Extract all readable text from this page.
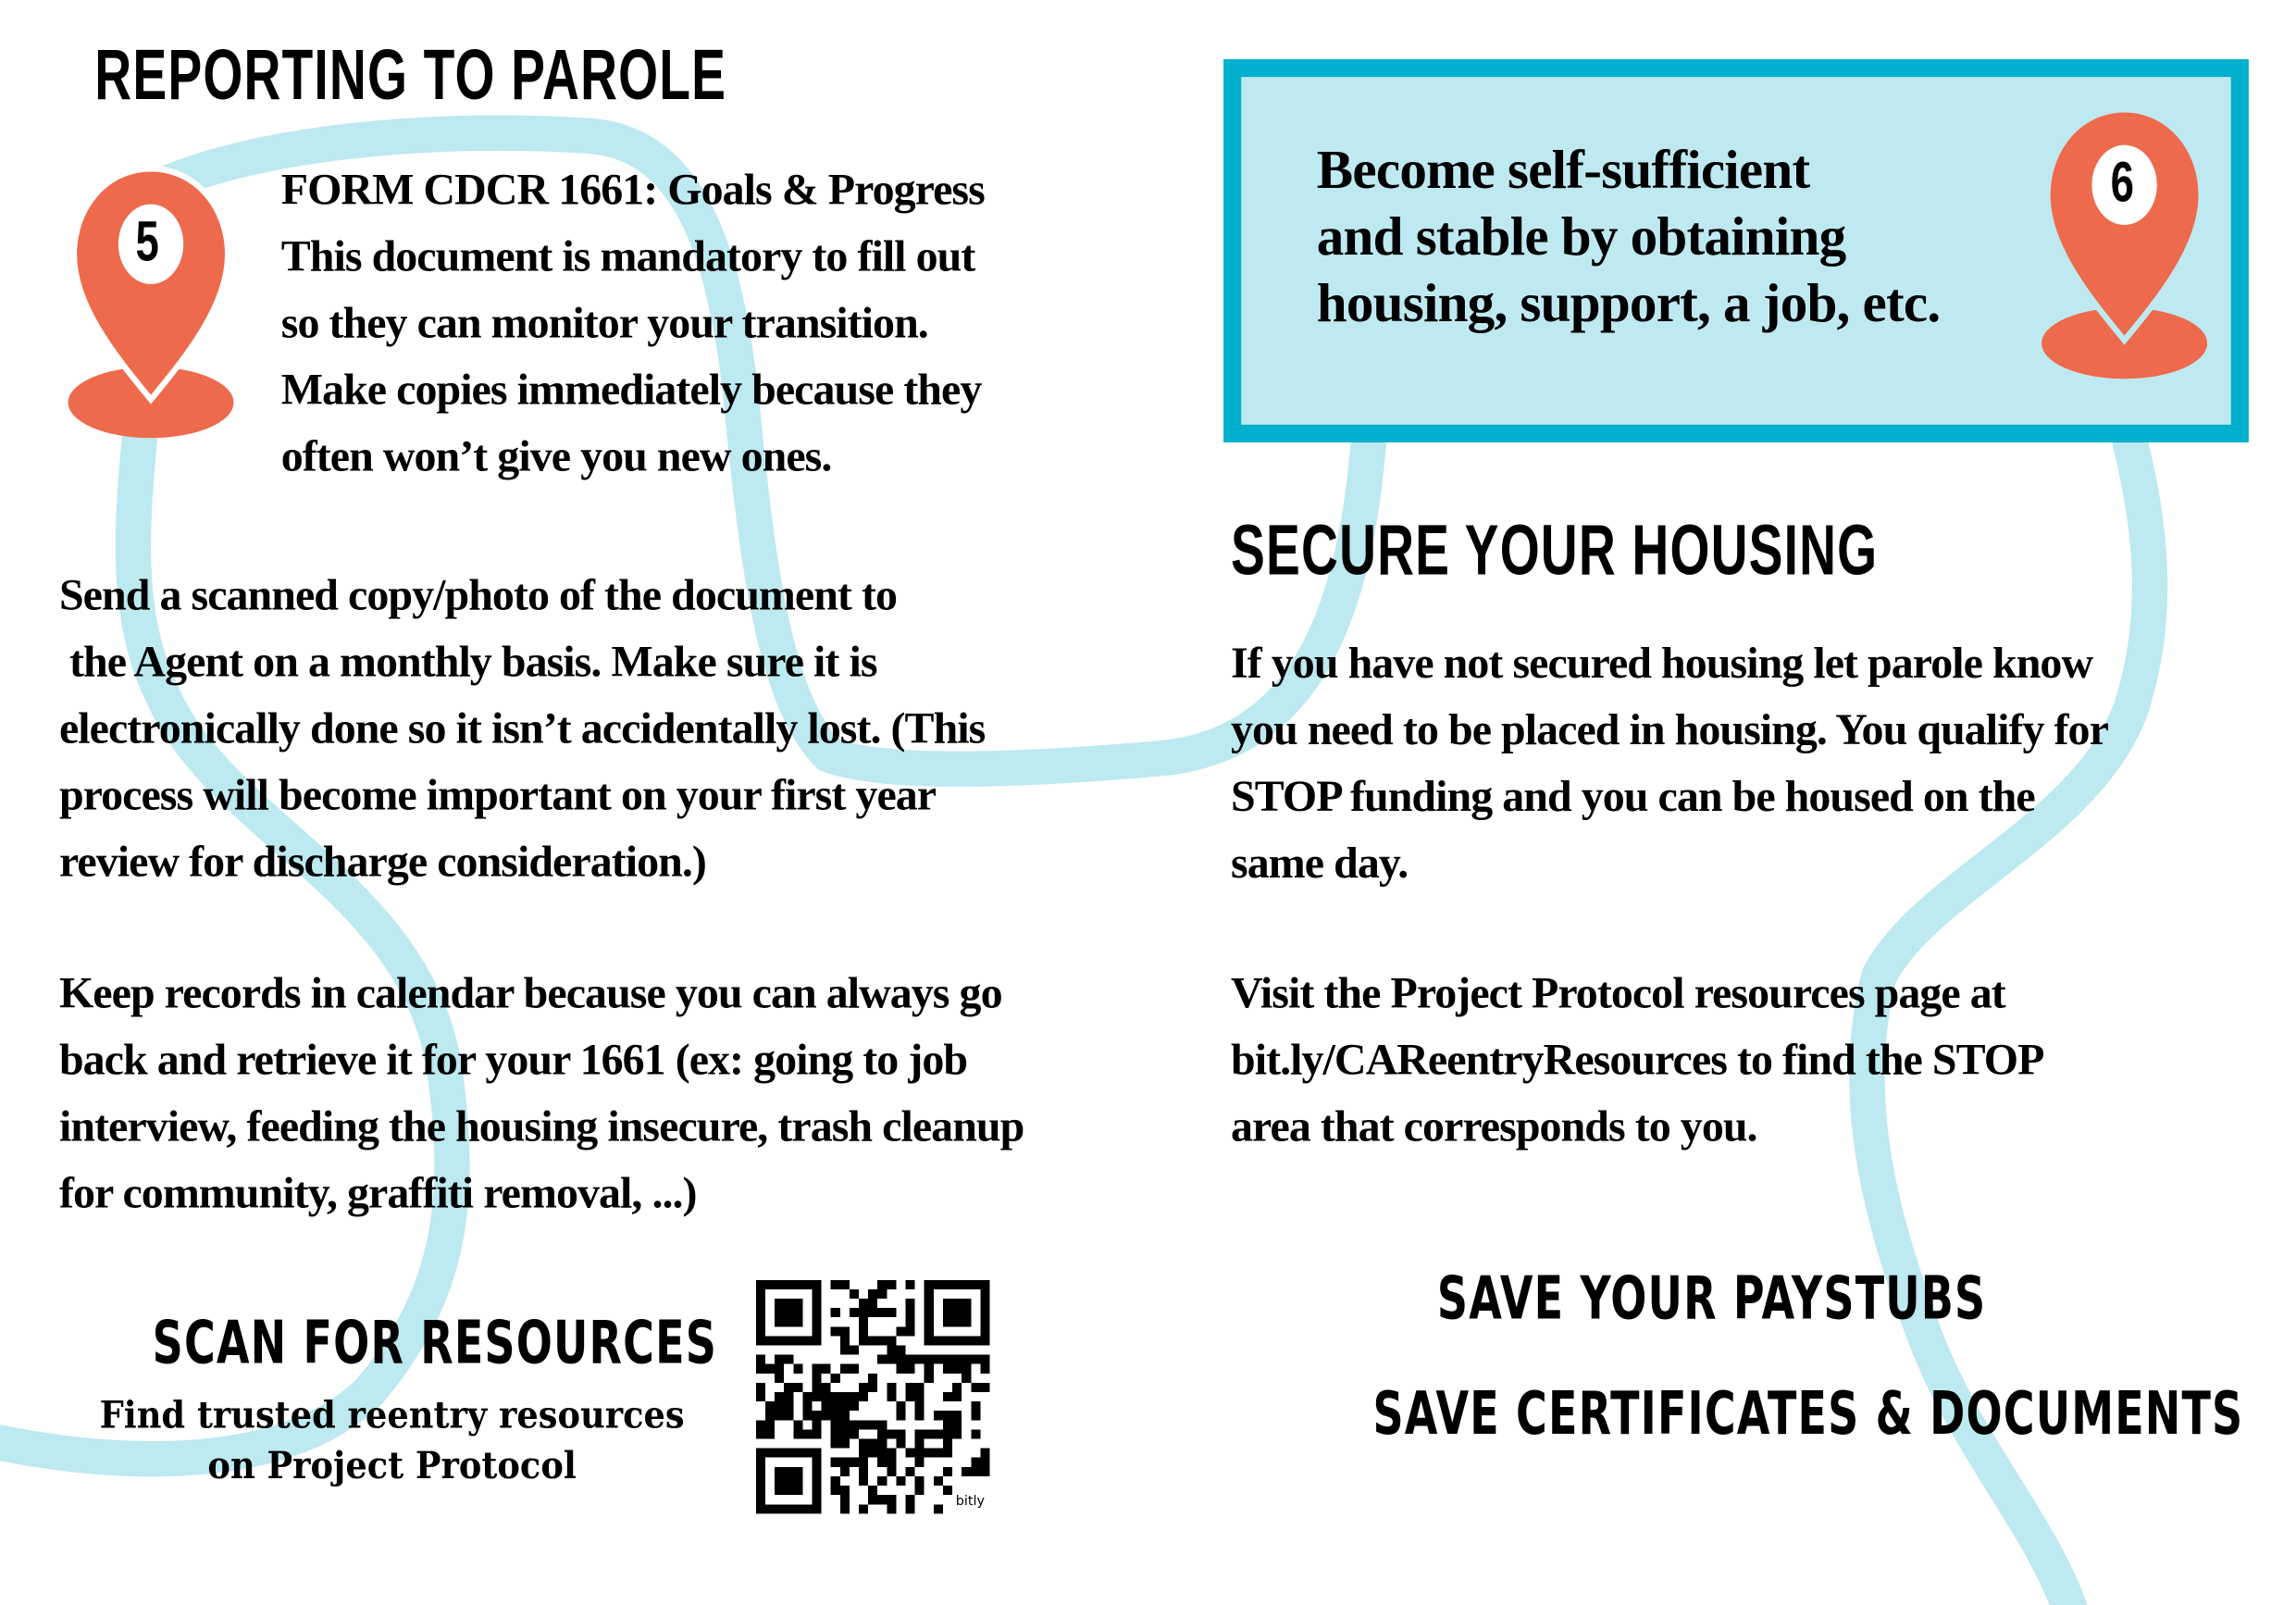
REPORTING TO PAROLE
5
FORM CDCR 1661: Goals & Progress
This document is mandatory to fill out
so they can monitor your transition.
Make copies immediately because they
often won’t give you new ones.
Send a scanned copy/photo of the document to
the Agent on a monthly basis. Make sure it is
electronically done so it isn’t accidentally lost. (This
process will become important on your first year
review for discharge consideration.)
Keep records in calendar because you can always go
back and retrieve it for your 1661 (ex: going to job
interview, feeding the housing insecure, trash cleanup
for community, graffiti removal, ...)
SCAN FOR RESOURCES
Find trusted reentry resources
on Project Protocol
bitly
Become self-sufficient
and stable by obtaining
housing, support, a job, etc.
6
SECURE YOUR HOUSING
If you have not secured housing let parole know
you need to be placed in housing. You qualify for
STOP funding and you can be housed on the
same day.
Visit the Project Protocol resources page at
bit.ly/CAReentryResources to find the STOP
area that corresponds to you.
SAVE YOUR PAYSTUBS
SAVE CERTIFICATES & DOCUMENTS
